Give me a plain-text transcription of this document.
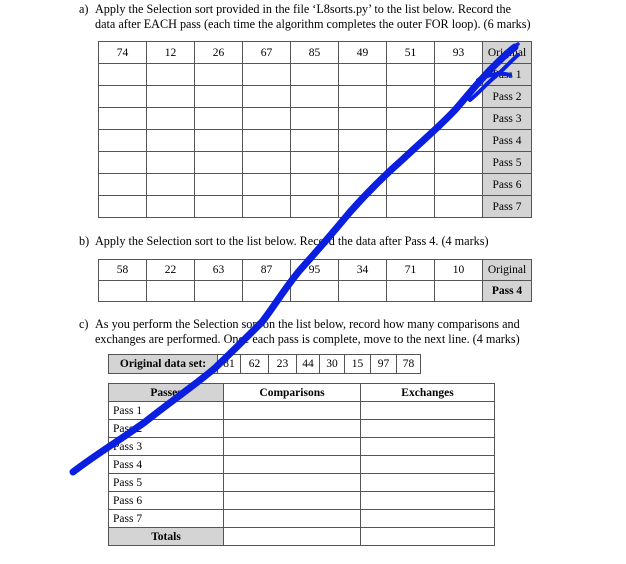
a) Apply the Selection sort provided in the file ‘L8sorts.py’ to the list below. Record the
data after EACH pass (each time the algorithm completes the outer FOR loop). (6 marks)
74	12	26	67	85	49	51	93	Original
								Pass 1
								Pass 2
								Pass 3
								Pass 4
								Pass 5
								Pass 6
								Pass 7
b) Apply the Selection sort to the list below. Record the data after Pass 4. (4 marks)
58	22	63	87	95	34	71	10	Original
								Pass 4
c) As you perform the Selection sort on the list below, record how many comparisons and
exchanges are performed. Once each pass is complete, move to the next line. (4 marks)
Original data set:	81	62	23	44	30	15	97	78
Passes	Comparisons	Exchanges
Pass 1		
Pass 2		
Pass 3		
Pass 4		
Pass 5		
Pass 6		
Pass 7		
Totals		
